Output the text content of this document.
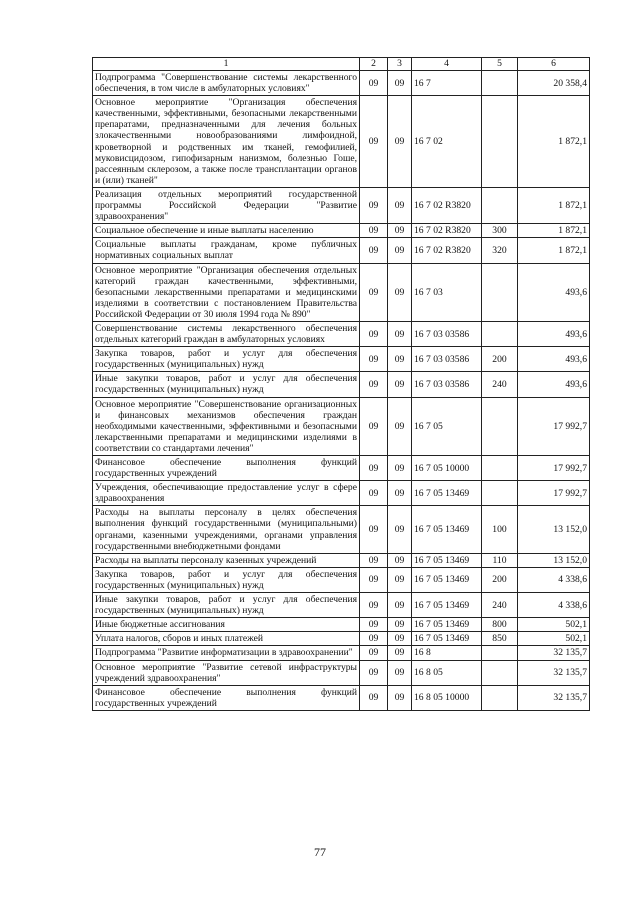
1	2	3	4	5	6
Подпрограмма "Совершенствование системы лекарственного обеспечения, в том числе в амбулаторных условиях"	09	09	16 7		20 358,4
Основное мероприятие "Организация обеспечения качественными, эффективными, безопасными лекарственными препаратами, предназначенными для лечения больных злокачественными новообразованиями лимфоидной, кроветворной и родственных им тканей, гемофилией, муковисцидозом, гипофизарным нанизмом, болезнью Гоше, рассеянным склерозом, а также после трансплантации органов и (или) тканей"	09	09	16 7 02		1 872,1
Реализация отдельных мероприятий государственной программы Российской Федерации "Развитие здравоохранения"	09	09	16 7 02 R3820		1 872,1
Социальное обеспечение и иные выплаты населению	09	09	16 7 02 R3820	300	1 872,1
Социальные выплаты гражданам, кроме публичных нормативных социальных выплат	09	09	16 7 02 R3820	320	1 872,1
Основное мероприятие "Организация обеспечения отдельных категорий граждан качественными, эффективными, безопасными лекарственными препаратами и медицинскими изделиями в соответствии с постановлением Правительства Российской Федерации от 30 июля 1994 года № 890"	09	09	16 7 03		493,6
Совершенствование системы лекарственного обеспечения отдельных категорий граждан в амбулаторных условиях	09	09	16 7 03 03586		493,6
Закупка товаров, работ и услуг для обеспечения государственных (муниципальных) нужд	09	09	16 7 03 03586	200	493,6
Иные закупки товаров, работ и услуг для обеспечения государственных (муниципальных) нужд	09	09	16 7 03 03586	240	493,6
Основное мероприятие "Совершенствование организационных и финансовых механизмов обеспечения граждан необходимыми качественными, эффективными и безопасными лекарственными препаратами и медицинскими изделиями в соответствии со стандартами лечения"	09	09	16 7 05		17 992,7
Финансовое обеспечение выполнения функций государственных учреждений	09	09	16 7 05 10000		17 992,7
Учреждения, обеспечивающие предоставление услуг в сфере здравоохранения	09	09	16 7 05 13469		17 992,7
Расходы на выплаты персоналу в целях обеспечения выполнения функций государственными (муниципальными) органами, казенными учреждениями, органами управления государственными внебюджетными фондами	09	09	16 7 05 13469	100	13 152,0
Расходы на выплаты персоналу казенных учреждений	09	09	16 7 05 13469	110	13 152,0
Закупка товаров, работ и услуг для обеспечения государственных (муниципальных) нужд	09	09	16 7 05 13469	200	4 338,6
Иные закупки товаров, работ и услуг для обеспечения государственных (муниципальных) нужд	09	09	16 7 05 13469	240	4 338,6
Иные бюджетные ассигнования	09	09	16 7 05 13469	800	502,1
Уплата налогов, сборов и иных платежей	09	09	16 7 05 13469	850	502,1
Подпрограмма "Развитие информатизации в здравоохранении"	09	09	16 8		32 135,7
Основное мероприятие "Развитие сетевой инфраструктуры учреждений здравоохранения"	09	09	16 8 05		32 135,7
Финансовое обеспечение выполнения функций государственных учреждений	09	09	16 8 05 10000		32 135,7
77
